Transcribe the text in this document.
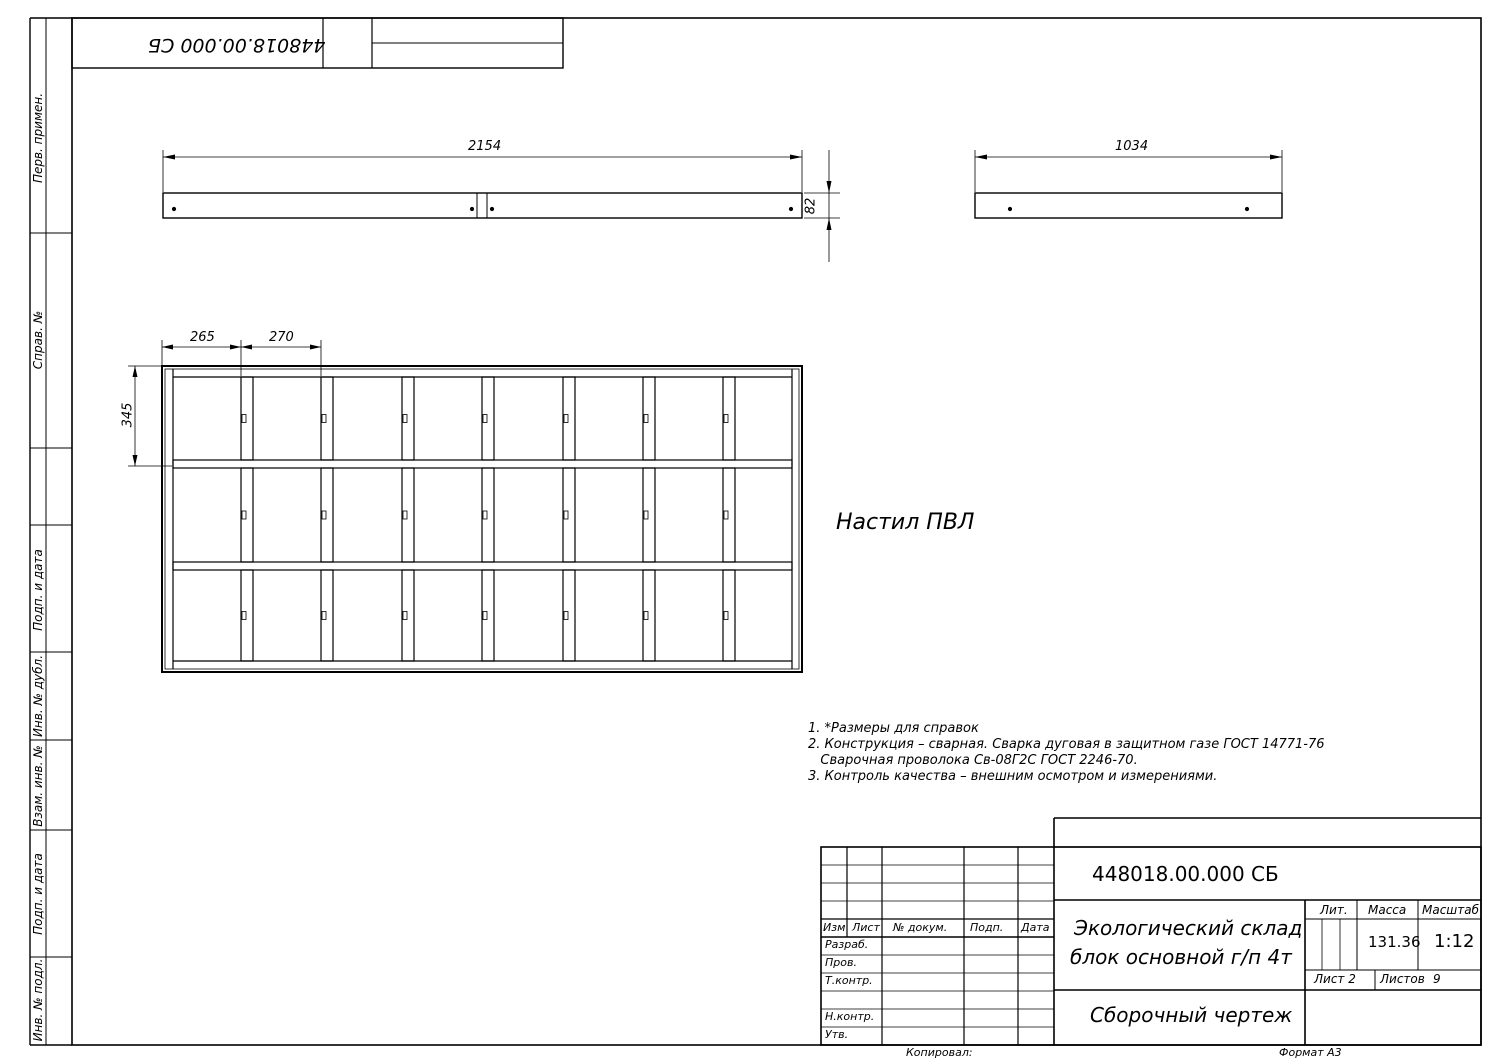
448018.00.000 СБ
Перв. примен.
Справ. №
Подп. и дата
Инв. № дубл.
Взам. инв. №
Подп. и дата
Инв. № подл.
2154
82
1034
265	270
345
Настил ПВЛ
1. *Размеры для справок
2. Конструкция – сварная. Сварка дуговая в защитном газе ГОСТ 14771-76
Сварочная проволока Св-08Г2С ГОСТ 2246-70.
3. Контроль качества – внешним осмотром и измерениями.
448018.00.000 СБ
Изм Лист № докум. Подп. Дата
Разраб.
Пров.
Т.контр.
Н.контр.
Утв.
Экологический склад
блок основной г/п 4т
Лит. Масса Масштаб
131.36 1:12
Лист 2 Листов 9
Сборочный чертеж
Копировал:	Формат А3
